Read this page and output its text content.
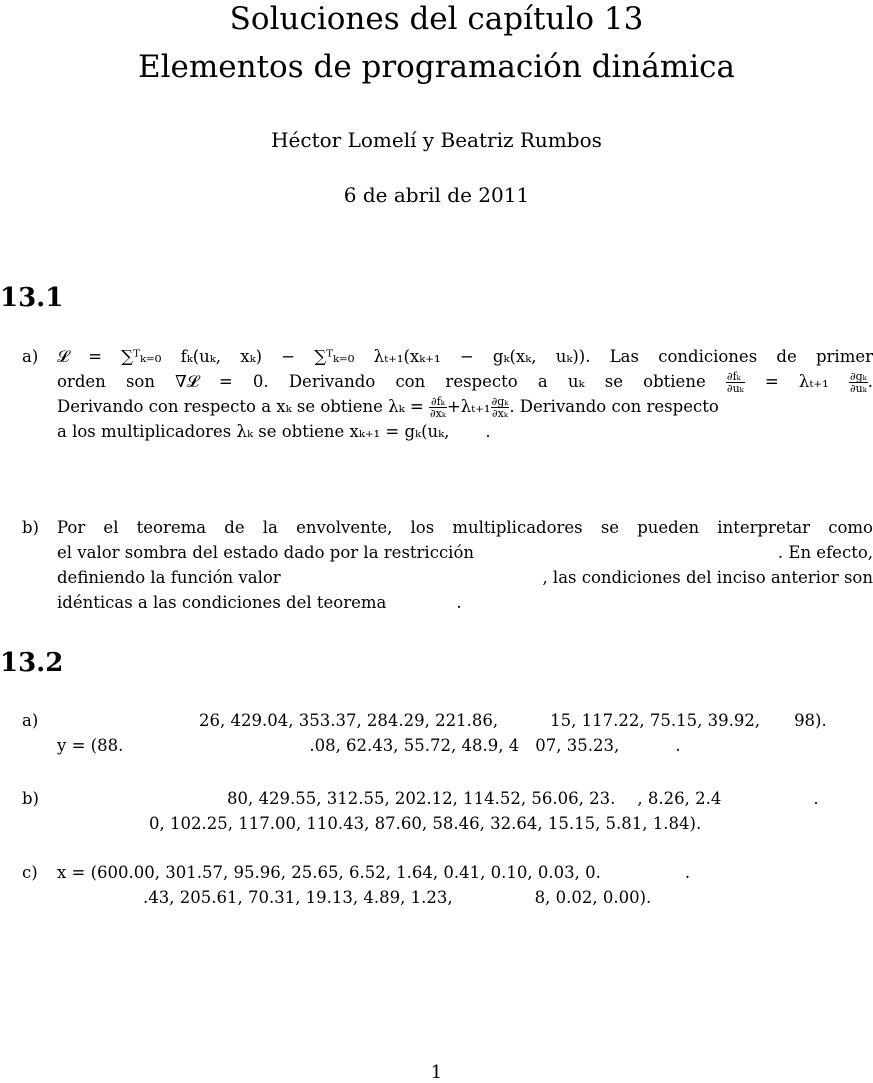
Soluciones del capítulo 13
Elementos de programación dinámica
Héctor Lomelí y Beatriz Rumbos
6 de abril de 2011
13.1
a)	𝓛 = ∑ᵀₖ₌₀ fₖ(uₖ, xₖ) − ∑ᵀₖ₌₀ λₜ₊₁(xₖ₊₁ − gₖ(xₖ, uₖ)). Las condiciones de primer
orden son ∇𝓛 = 0. Derivando con respecto a uₖ se obtiene $\frac{\text{∂fₖ}}{\text{∂uₖ}} = \lambda_{t+1} \frac{\text{∂gₖ}}{\text{∂uₖ}}$ .
Derivando con respecto a xₖ se obtiene $\lambda_k = \frac{\text{∂fₖ}}{\text{∂xₖ}} +\lambda_{t+1} \frac{\text{∂gₖ}}{\text{∂xₖ}}$ . Derivando con respecto
a los multiplicadores λₖ se obtiene xₖ₊₁ = gₖ(uₖ, .
b)	Por el teorema de la envolvente, los multiplicadores se pueden interpretar como
el valor sombra del estado dado por la restricción	. En efecto,
definiendo la función valor	, las condiciones del inciso anterior son
idénticas a las condiciones del teorema	.
13.2
a)	26, 429.04, 353.37, 284.29, 221.86,	15, 117.22, 75.15, 39.92, 98).
y = (88.	.08, 62.43, 55.72, 48.9, 4 07, 35.23,	.
b)	80, 429.55, 312.55, 202.12, 114.52, 56.06, 23. , 8.26, 2.4	.
0, 102.25, 117.00, 110.43, 87.60, 58.46, 32.64, 15.15, 5.81, 1.84).
c)	x = (600.00, 301.57, 95.96, 25.65, 6.52, 1.64, 0.41, 0.10, 0.03, 0.	.
.43, 205.61, 70.31, 19.13, 4.89, 1.23,	8, 0.02, 0.00).
1
